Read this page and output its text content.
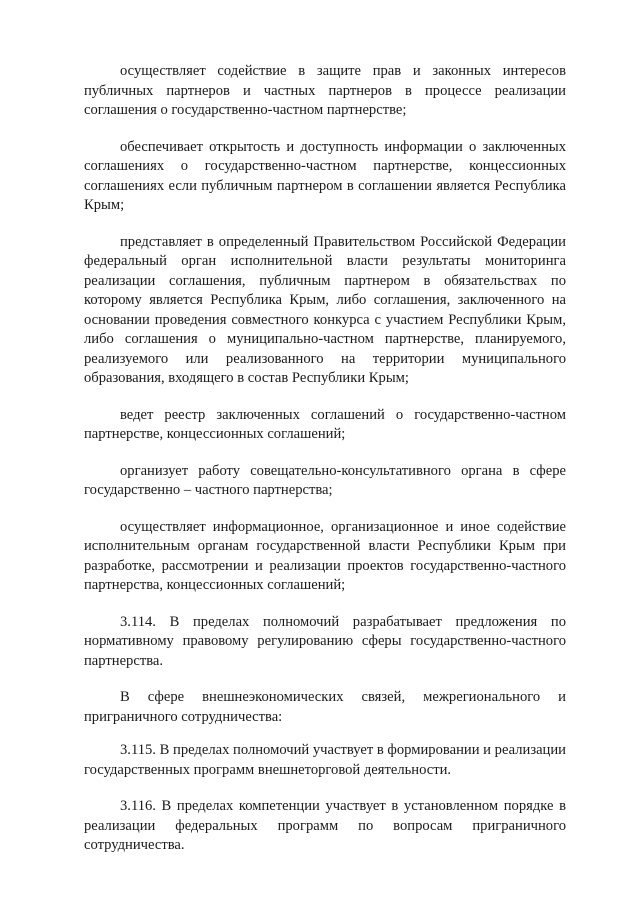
осуществляет содействие в защите прав и законных интересов публичных партнеров и частных партнеров в процессе реализации соглашения о государственно-частном партнерстве;

обеспечивает открытость и доступность информации о заключенных соглашениях о государственно-частном партнерстве, концессионных соглашениях если публичным партнером в соглашении является Республика Крым;

представляет в определенный Правительством Российской Федерации федеральный орган исполнительной власти результаты мониторинга реализации соглашения, публичным партнером в обязательствах по которому является Республика Крым, либо соглашения, заключенного на основании проведения совместного конкурса с участием Республики Крым, либо соглашения о муниципально-частном партнерстве, планируемого, реализуемого или реализованного на территории муниципального образования, входящего в состав Республики Крым;

ведет реестр заключенных соглашений о государственно-частном партнерстве, концессионных соглашений;

организует работу совещательно-консультативного органа в сфере государственно – частного партнерства;

осуществляет информационное, организационное и иное содействие исполнительным органам государственной власти Республики Крым при разработке, рассмотрении и реализации проектов государственно-частного партнерства, концессионных соглашений;

3.114. В пределах полномочий разрабатывает предложения по нормативному правовому регулированию сферы государственно-частного партнерства.

В сфере внешнеэкономических связей, межрегионального и приграничного сотрудничества:

3.115. В пределах полномочий участвует в формировании и реализации государственных программ внешнеторговой деятельности.

3.116. В пределах компетенции участвует в установленном порядке в реализации федеральных программ по вопросам приграничного сотрудничества.
